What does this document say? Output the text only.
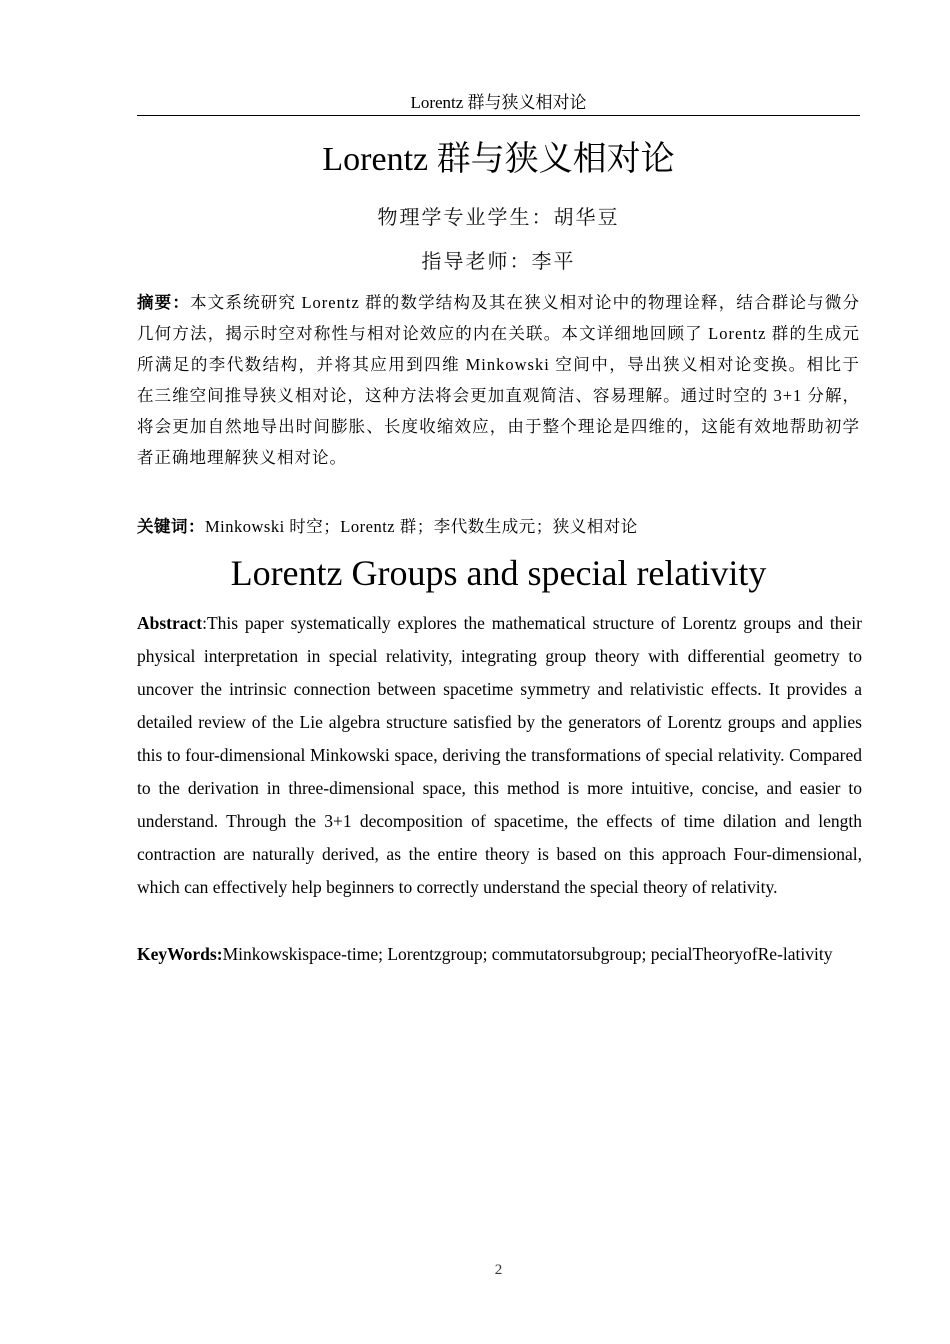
Lorentz 群与狭义相对论
Lorentz 群与狭义相对论
物理学专业学生：胡华豆
指导老师：李平
摘要：本文系统研究 Lorentz 群的数学结构及其在狭义相对论中的物理诠释，结合群论与微分几何方法，揭示时空对称性与相对论效应的内在关联。本文详细地回顾了 Lorentz 群的生成元所满足的李代数结构，并将其应用到四维 Minkowski 空间中，导出狭义相对论变换。相比于在三维空间推导狭义相对论，这种方法将会更加直观简洁、容易理解。通过时空的 3+1 分解，将会更加自然地导出时间膨胀、长度收缩效应，由于整个理论是四维的，这能有效地帮助初学者正确地理解狭义相对论。
关键词：Minkowski 时空；Lorentz 群；李代数生成元；狭义相对论
Lorentz Groups and special relativity
Abstract:This paper systematically explores the mathematical structure of Lorentz groups and their physical interpretation in special relativity, integrating group theory with differential geometry to uncover the intrinsic connection between spacetime symmetry and relativistic effects. It provides a detailed review of the Lie algebra structure satisfied by the generators of Lorentz groups and applies this to four-dimensional Minkowski space, deriving the transformations of special relativity. Compared to the derivation in three-dimensional space, this method is more intuitive, concise, and easier to understand. Through the 3+1 decomposition of spacetime, the effects of time dilation and length contraction are naturally derived, as the entire theory is based on this approach Four-dimensional, which can effectively help beginners to correctly understand the special theory of relativity.
KeyWords:Minkowskispace-time; Lorentzgroup; commutatorsubgroup; pecialTheoryofRe-lativity
2
